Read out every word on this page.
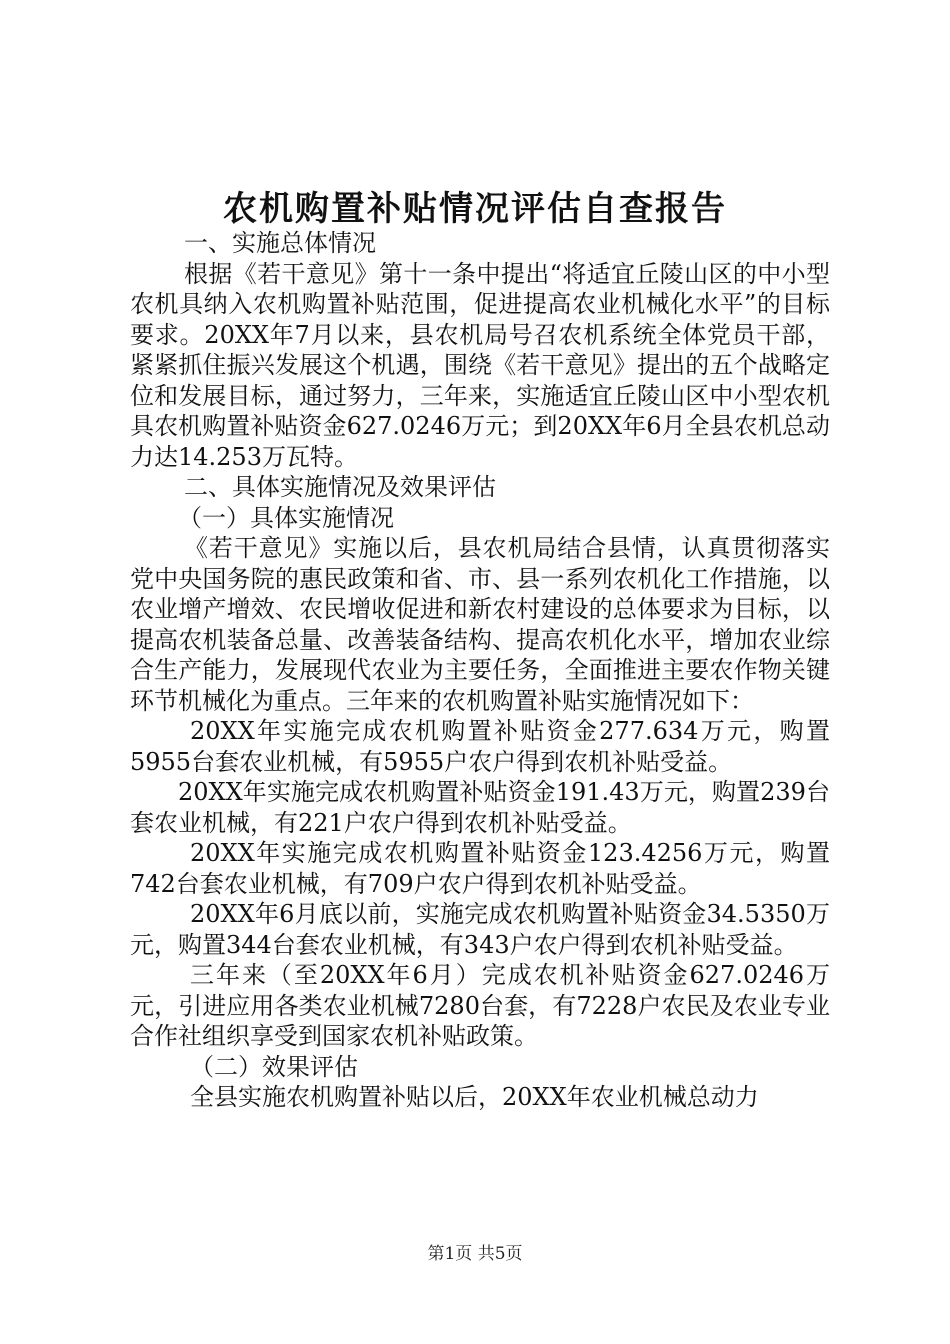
农机购置补贴情况评估自查报告

一、实施总体情况

根据《若干意见》第十一条中提出“将适宜丘陵山区的中小型农机具纳入农机购置补贴范围，促进提高农业机械化水平”的目标要求。20XX年7月以来，县农机局号召农机系统全体党员干部，紧紧抓住振兴发展这个机遇，围绕《若干意见》提出的五个战略定位和发展目标，通过努力，三年来，实施适宜丘陵山区中小型农机具农机购置补贴资金627.0246万元；到20XX年6月全县农机总动力达14.253万瓦特。

二、具体实施情况及效果评估

（一）具体实施情况

《若干意见》实施以后，县农机局结合县情，认真贯彻落实党中央国务院的惠民政策和省、市、县一系列农机化工作措施，以农业增产增效、农民增收促进和新农村建设的总体要求为目标，以提高农机装备总量、改善装备结构、提高农机化水平，增加农业综合生产能力，发展现代农业为主要任务，全面推进主要农作物关键环节机械化为重点。三年来的农机购置补贴实施情况如下：

20XX年实施完成农机购置补贴资金277.634万元，购置5955台套农业机械，有5955户农户得到农机补贴受益。

20XX年实施完成农机购置补贴资金191.43万元，购置239台套农业机械，有221户农户得到农机补贴受益。

20XX年实施完成农机购置补贴资金123.4256万元，购置742台套农业机械，有709户农户得到农机补贴受益。

20XX年6月底以前，实施完成农机购置补贴资金34.5350万元，购置344台套农业机械，有343户农户得到农机补贴受益。

三年来（至20XX年6月）完成农机补贴资金627.0246万元，引进应用各类农业机械7280台套，有7228户农民及农业专业合作社组织享受到国家农机补贴政策。

（二）效果评估

全县实施农机购置补贴以后，20XX年农业机械总动力

第1页 共5页
